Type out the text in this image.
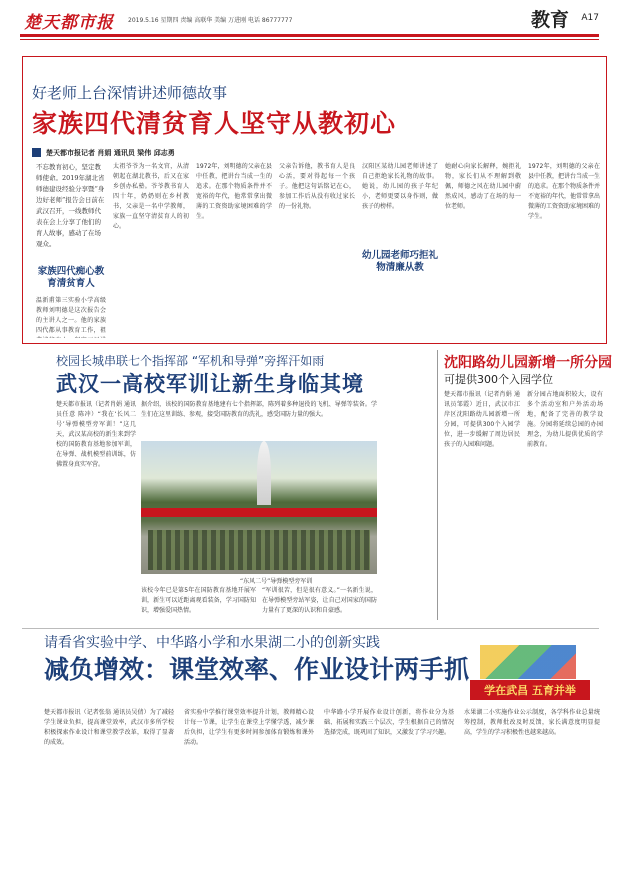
楚天都市报 2019.5.16 星期四 责编 高联华 美编 万进刚 电话 86777777	教育 A17
好老师上台深情讲述师德故事
家族四代清贫育人坚守从教初心
楚天都市报记者 肖娟 通讯员 梁伟 邱志勇
不忘教育初心，坚定教师使命。2019年湖北省师德建设经验分享暨“身边好老师”报告会日前在武汉召开，一线教师代表在会上分享了他们的育人故事，感动了在场观众。
家族四代痴心教育清贫育人
温新甫第三实验小学高级教师刘明德是这次报告会的主讲人之一。他的家族四代都从事教育工作，祖
太祖爷爷为一名文官，从清朝起在湖北教书，后又在家乡创办私塾。爷爷教书育人四十年，奶奶则在乡村教书，父亲是一名中学教师，家族一直坚守清贫育人的初心。
1972年，刘明德的父亲在县中任教，把讲台当成一生的追求。在那个物质条件并不宽裕的年代，他常常拿出微薄的工资资助家境困难的学生。
父亲告诉他，教书育人是良心活，要对得起每一个孩子。他把这句话铭记在心，参加工作后从没有收过家长的一份礼物。
幼儿园老师巧拒礼物清廉从教
汉阳区某幼儿园老师讲述了自己拒绝家长礼物的故事。她说，幼儿园的孩子年纪小，老师更要以身作则，做孩子的榜样。
她耐心向家长解释，婉拒礼物，家长们从不理解到敬佩，师德之风在幼儿园中蔚然成风，感动了在场的每一位老师。
1972年，刘明德的父亲在县中任教，把讲台当成一生的追求。在那个物质条件并不宽裕的年代，他常常拿出微薄的工资资助家境困难的学生。
校园长城串联七个指挥部 “军机和导弹”旁挥汗如雨
武汉一高校军训让新生身临其境
楚天都市报讯（记者肖娟 通讯员任意 陈冲）“我在‘长风二号’导弹模型旁军训！”这几天，武汉某高校的新生来到学校的国防教育基地参加军训，在导弹、战机模型前训练，仿佛置身真实军营。
据介绍，该校的国防教育基地建有七个指挥部，陈列着多种退役的飞机、导弹等装备。学生们在这里训练、参观，接受国防教育的洗礼，感受国防力量的强大。
“东风二号”导弹模型旁军训
该校今年已是第5年在国防教育基地开展军训，新生可以近距离观看装备，学习国防知识，增强爱国热情。
“军训很苦，但是很有意义。”一名新生说，在导弹模型旁站军姿，让自己对国家的国防力量有了更深的认识和自豪感。
沈阳路幼儿园新增一所分园
可提供300个入园学位
楚天都市报讯（记者肖娟 通讯员邹霞）近日，武汉市江岸区沈阳路幼儿园新增一所分园，可提供300个入园学位，进一步缓解了周边居民孩子的入园难问题。
新分园占地面积较大，设有多个活动室和户外活动场地，配备了完善的教学设施。分园将延续总园的办园理念，为幼儿提供优质的学前教育。
请看省实验中学、中华路小学和水果湖二小的创新实践
减负增效：课堂效率、作业设计两手抓
学在武昌 五育并举
楚天都市报讯（记者张翁 通讯员吴倩）为了减轻学生课业负担，提高课堂效率，武汉市多所学校积极探索作业设计和课堂教学改革，取得了显著的成效。
省实验中学推行课堂效率提升计划，教师精心设计每一节课，让学生在课堂上学懂学透，减少课后负担，让学生有更多时间参加体育锻炼和课外活动。
中华路小学开展作业设计创新，将作业分为基础、拓展和实践三个层次，学生根据自己的情况选择完成，既巩固了知识，又激发了学习兴趣。
水果湖二小实施作业公示制度，各学科作业总量统筹控制，教师批改及时反馈，家长满意度明显提高，学生的学习积极性也越来越高。
